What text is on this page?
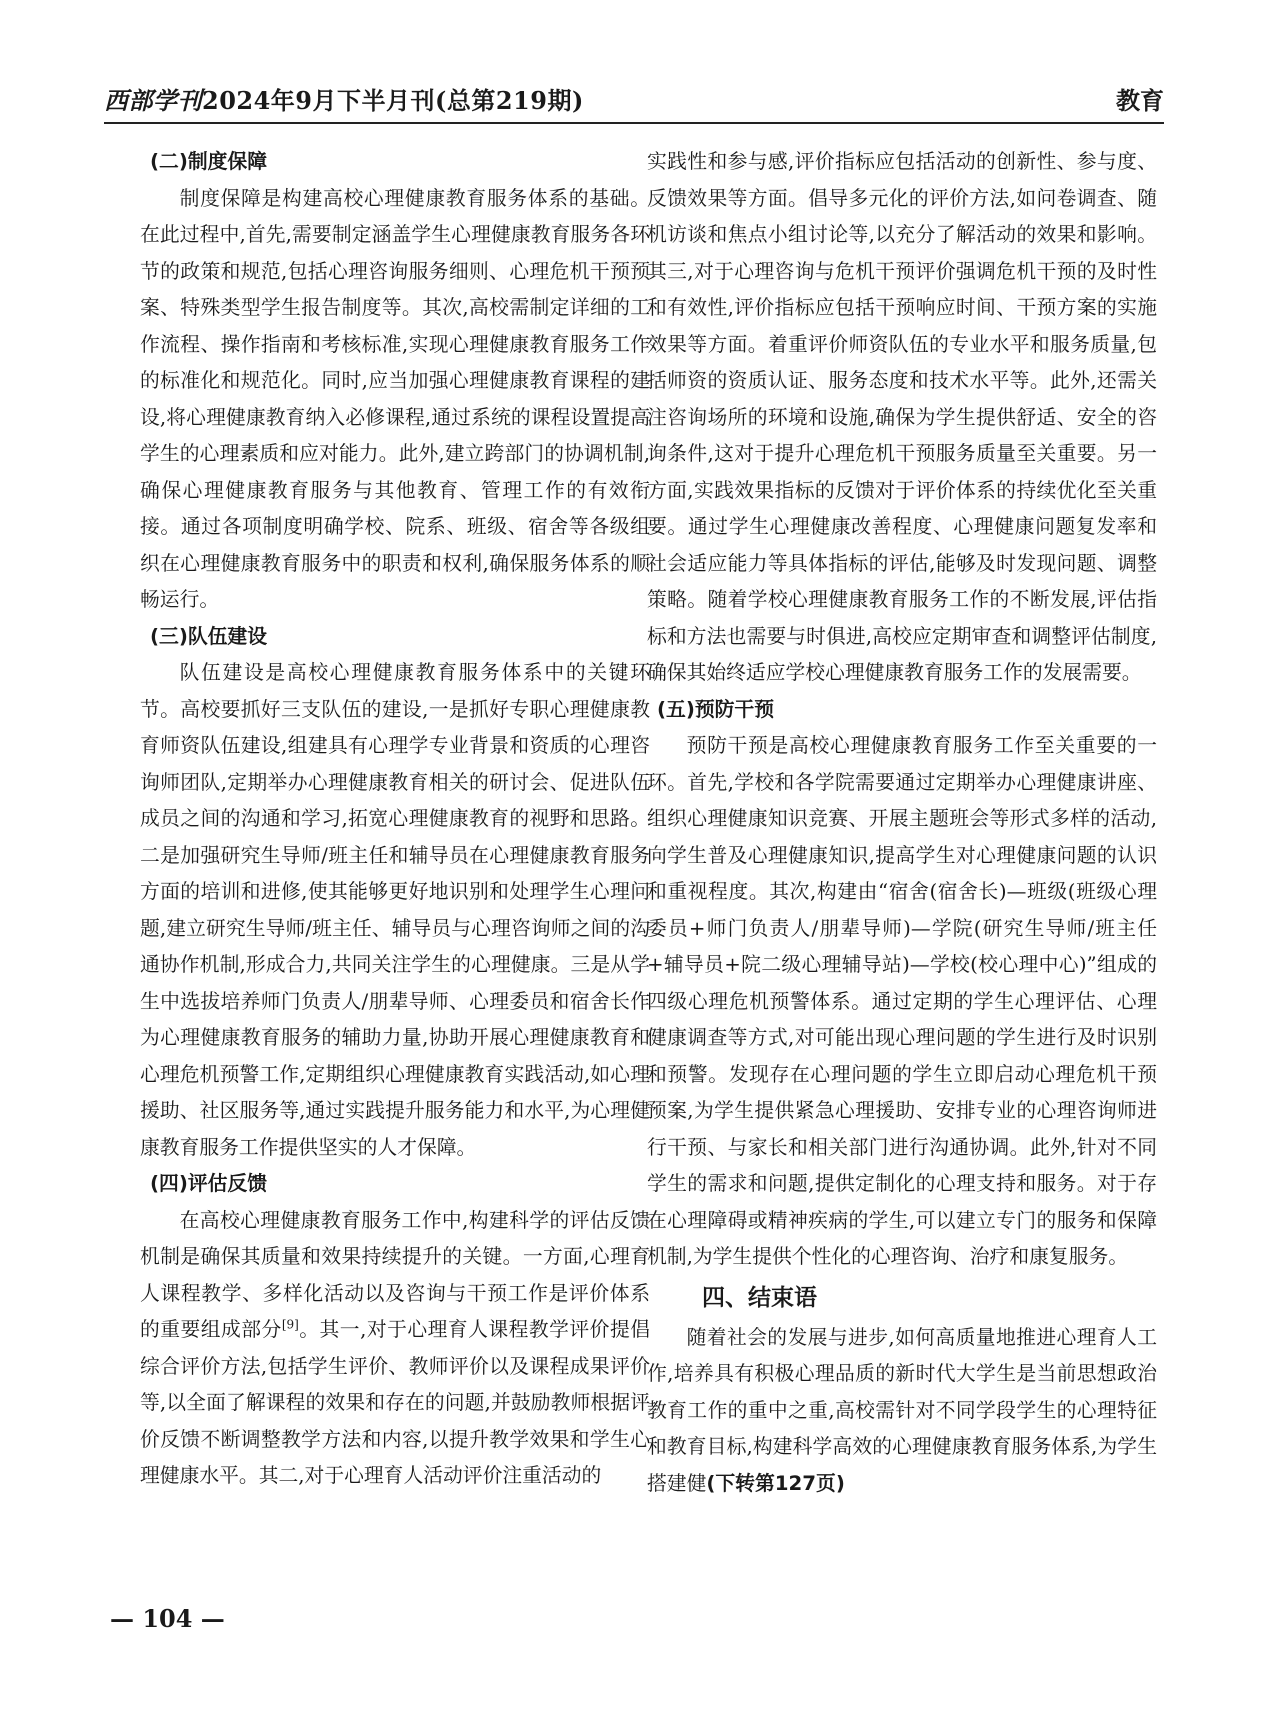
西部学刊2024年9月下半月刊(总第219期)	教育
(二)制度保障

制度保障是构建高校心理健康教育服务体系的基础。在此过程中,首先,需要制定涵盖学生心理健康教育服务各环节的政策和规范,包括心理咨询服务细则、心理危机干预预案、特殊类型学生报告制度等。其次,高校需制定详细的工作流程、操作指南和考核标准,实现心理健康教育服务工作的标准化和规范化。同时,应当加强心理健康教育课程的建设,将心理健康教育纳入必修课程,通过系统的课程设置提高学生的心理素质和应对能力。此外,建立跨部门的协调机制,确保心理健康教育服务与其他教育、管理工作的有效衔接。通过各项制度明确学校、院系、班级、宿舍等各级组织在心理健康教育服务中的职责和权利,确保服务体系的顺畅运行。

(三)队伍建设

队伍建设是高校心理健康教育服务体系中的关键环节。高校要抓好三支队伍的建设,一是抓好专职心理健康教育师资队伍建设,组建具有心理学专业背景和资质的心理咨询师团队,定期举办心理健康教育相关的研讨会、促进队伍成员之间的沟通和学习,拓宽心理健康教育的视野和思路。二是加强研究生导师/班主任和辅导员在心理健康教育服务方面的培训和进修,使其能够更好地识别和处理学生心理问题,建立研究生导师/班主任、辅导员与心理咨询师之间的沟通协作机制,形成合力,共同关注学生的心理健康。三是从学生中选拔培养师门负责人/朋辈导师、心理委员和宿舍长作为心理健康教育服务的辅助力量,协助开展心理健康教育和心理危机预警工作,定期组织心理健康教育实践活动,如心理援助、社区服务等,通过实践提升服务能力和水平,为心理健康教育服务工作提供坚实的人才保障。

(四)评估反馈

在高校心理健康教育服务工作中,构建科学的评估反馈机制是确保其质量和效果持续提升的关键。一方面,心理育人课程教学、多样化活动以及咨询与干预工作是评价体系的重要组成部分[9]。其一,对于心理育人课程教学评价提倡综合评价方法,包括学生评价、教师评价以及课程成果评价等,以全面了解课程的效果和存在的问题,并鼓励教师根据评价反馈不断调整教学方法和内容,以提升教学效果和学生心理健康水平。其二,对于心理育人活动评价注重活动的

实践性和参与感,评价指标应包括活动的创新性、参与度、反馈效果等方面。倡导多元化的评价方法,如问卷调查、随机访谈和焦点小组讨论等,以充分了解活动的效果和影响。其三,对于心理咨询与危机干预评价强调危机干预的及时性和有效性,评价指标应包括干预响应时间、干预方案的实施效果等方面。着重评价师资队伍的专业水平和服务质量,包括师资的资质认证、服务态度和技术水平等。此外,还需关注咨询场所的环境和设施,确保为学生提供舒适、安全的咨询条件,这对于提升心理危机干预服务质量至关重要。另一方面,实践效果指标的反馈对于评价体系的持续优化至关重要。通过学生心理健康改善程度、心理健康问题复发率和社会适应能力等具体指标的评估,能够及时发现问题、调整策略。随着学校心理健康教育服务工作的不断发展,评估指标和方法也需要与时俱进,高校应定期审查和调整评估制度,确保其始终适应学校心理健康教育服务工作的发展需要。

(五)预防干预

预防干预是高校心理健康教育服务工作至关重要的一环。首先,学校和各学院需要通过定期举办心理健康讲座、组织心理健康知识竞赛、开展主题班会等形式多样的活动,向学生普及心理健康知识,提高学生对心理健康问题的认识和重视程度。其次,构建由“宿舍(宿舍长)—班级(班级心理委员+师门负责人/朋辈导师)—学院(研究生导师/班主任+辅导员+院二级心理辅导站)—学校(校心理中心)”组成的四级心理危机预警体系。通过定期的学生心理评估、心理健康调查等方式,对可能出现心理问题的学生进行及时识别和预警。发现存在心理问题的学生立即启动心理危机干预预案,为学生提供紧急心理援助、安排专业的心理咨询师进行干预、与家长和相关部门进行沟通协调。此外,针对不同学生的需求和问题,提供定制化的心理支持和服务。对于存在心理障碍或精神疾病的学生,可以建立专门的服务和保障机制,为学生提供个性化的心理咨询、治疗和康复服务。

四、结束语

随着社会的发展与进步,如何高质量地推进心理育人工作,培养具有积极心理品质的新时代大学生是当前思想政治教育工作的重中之重,高校需针对不同学段学生的心理特征和教育目标,构建科学高效的心理健康教育服务体系,为学生搭建健(下转第127页)

— 104 —
